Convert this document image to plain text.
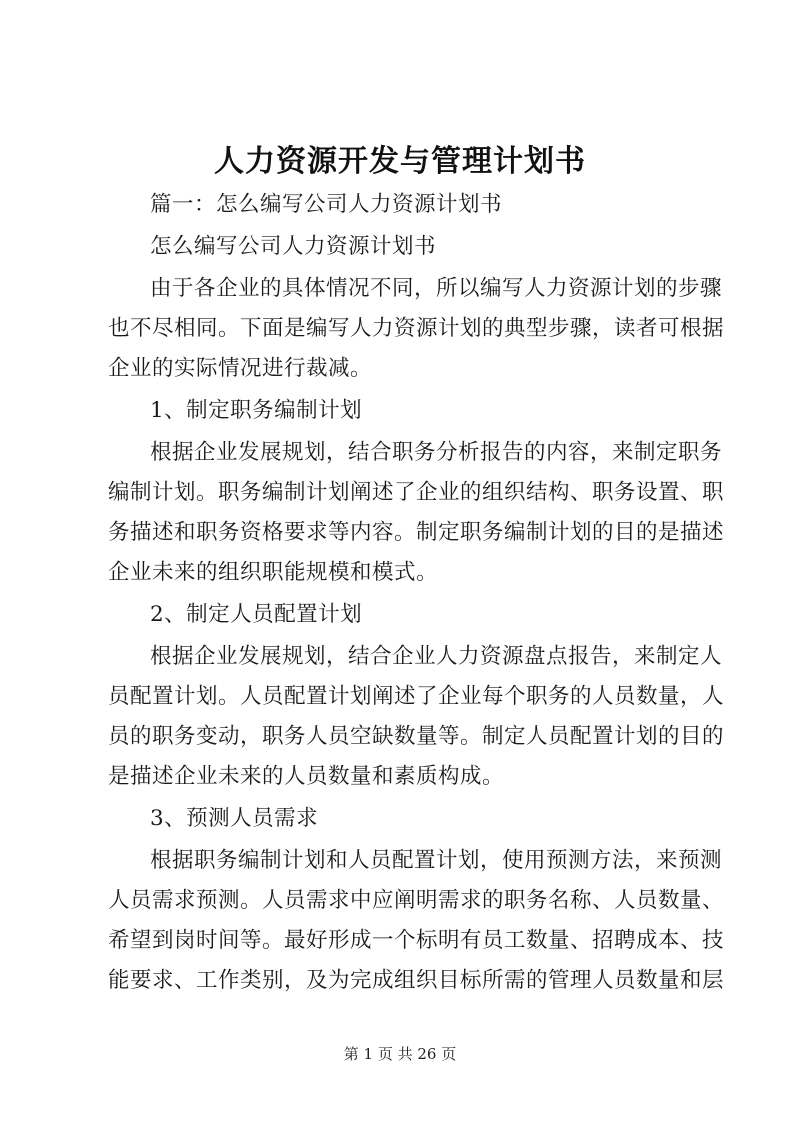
人力资源开发与管理计划书
篇一：怎么编写公司人力资源计划书
怎么编写公司人力资源计划书
由于各企业的具体情况不同，所以编写人力资源计划的步骤
也不尽相同。下面是编写人力资源计划的典型步骤，读者可根据
企业的实际情况进行裁减。
1、制定职务编制计划
根据企业发展规划，结合职务分析报告的内容，来制定职务
编制计划。职务编制计划阐述了企业的组织结构、职务设置、职
务描述和职务资格要求等内容。制定职务编制计划的目的是描述
企业未来的组织职能规模和模式。
2、制定人员配置计划
根据企业发展规划，结合企业人力资源盘点报告，来制定人
员配置计划。人员配置计划阐述了企业每个职务的人员数量，人
员的职务变动，职务人员空缺数量等。制定人员配置计划的目的
是描述企业未来的人员数量和素质构成。
3、预测人员需求
根据职务编制计划和人员配置计划，使用预测方法，来预测
人员需求预测。人员需求中应阐明需求的职务名称、人员数量、
希望到岗时间等。最好形成一个标明有员工数量、招聘成本、技
能要求、工作类别，及为完成组织目标所需的管理人员数量和层
第 1 页 共 26 页
